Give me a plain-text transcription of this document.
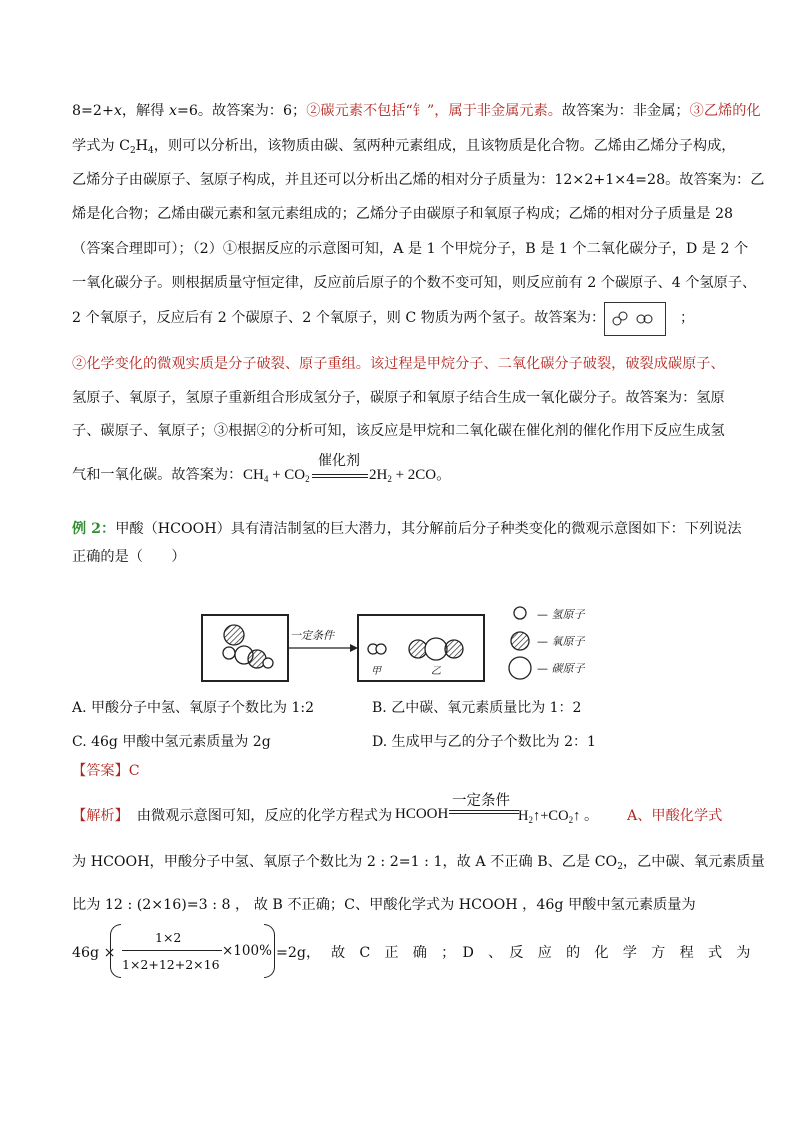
8=2+x，解得 x=6。故答案为：6；②碳元素不包括“钅”，属于非金属元素。故答案为：非金属；③乙烯的化
学式为 $C_2H_4$，则可以分析出，该物质由碳、氢两种元素组成，且该物质是化合物。乙烯由乙烯分子构成，
乙烯分子由碳原子、氢原子构成，并且还可以分析出乙烯的相对分子质量为：12×2+1×4=28。故答案为：乙
烯是化合物；乙烯由碳元素和氢元素组成的；乙烯分子由碳原子和氧原子构成；乙烯的相对分子质量是 28
（答案合理即可）；（2）①根据反应的示意图可知，A 是 1 个甲烷分子，B 是 1 个二氧化碳分子，D 是 2 个
一氧化碳分子。则根据质量守恒定律，反应前后原子的个数不变可知，则反应前有 2 个碳原子、4 个氢原子、
2 个氧原子，反应后有 2 个碳原子、2 个氧原子，则 C 物质为两个氢子。故答案为：	；
②化学变化的微观实质是分子破裂、原子重组。该过程是甲烷分子、二氧化碳分子破裂，破裂成碳原子、
氢原子、氧原子，氢原子重新组合形成氢分子，碳原子和氧原子结合生成一氧化碳分子。故答案为：氢原
子、碳原子、氧原子；③根据②的分析可知，该反应是甲烷和二氧化碳在催化剂的催化作用下反应生成氢
气和一氧化碳。故答案为： $CH_4 + CO_2$
催化剂
$2H_2 + 2CO$。
例 2：甲酸（HCOOH）具有清洁制氢的巨大潜力，其分解前后分子种类变化的微观示意图如下：下列说法
正确的是（　　）
一定条件
甲	乙
— 氢原子
— 氧原子
— 碳原子
A. 甲酸分子中氢、氧原子个数比为 1:2	B. 乙中碳、氧元素质量比为 1：2
C. 46g 甲酸中氢元素质量为 2g	D. 生成甲与乙的分子个数比为 2：1
【答案】C
【解析】 由微观示意图可知，反应的化学方程式为 HCOOH
一定条件
$H_2↑+CO_2↑$ 。 A、甲酸化学式
为 HCOOH，甲酸分子中氢、氧原子个数比为 2 : 2=1 : 1，故 A 不正确 B、乙是 $CO_2$，乙中碳、氧元素质量
比为 12 : (2×16)=3 : 8 ， 故 B 不正确；C、甲酸化学式为 HCOOH ，46g 甲酸中氢元素质量为
46g ×
1×2
1×2+12+2×16
×100% =2g， 故　C　正　确　；　D　、　反　应　的　化　学　方　程　式　为
